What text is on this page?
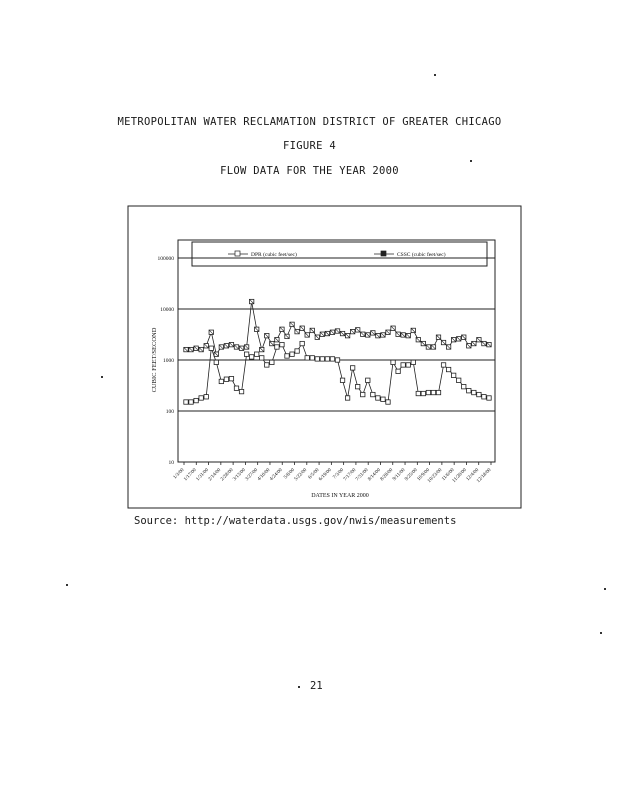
METROPOLITAN WATER RECLAMATION DISTRICT OF GREATER CHICAGO
FIGURE 4
FLOW DATA FOR THE YEAR 2000
DPR (cubic feet/sec)	CSSC (cubic feet/sec)
10
100
1000
10000
100000
1/3/00
1/17/00
1/31/00
2/14/00
2/28/00
3/13/00
3/27/00
4/10/00
4/24/00 5/8/00
5/22/00 6/5/00
6/19/00 7/3/00
7/17/00
7/31/00
8/14/00
8/28/00
9/11/00
9/25/00
10/9/00
10/23/00
11/6/00
11/20/00
12/4/00
12/18/00
CUBIC FEET/SECOND
DATES IN YEAR 2000
Source: http://waterdata.usgs.gov/nwis/measurements
21
